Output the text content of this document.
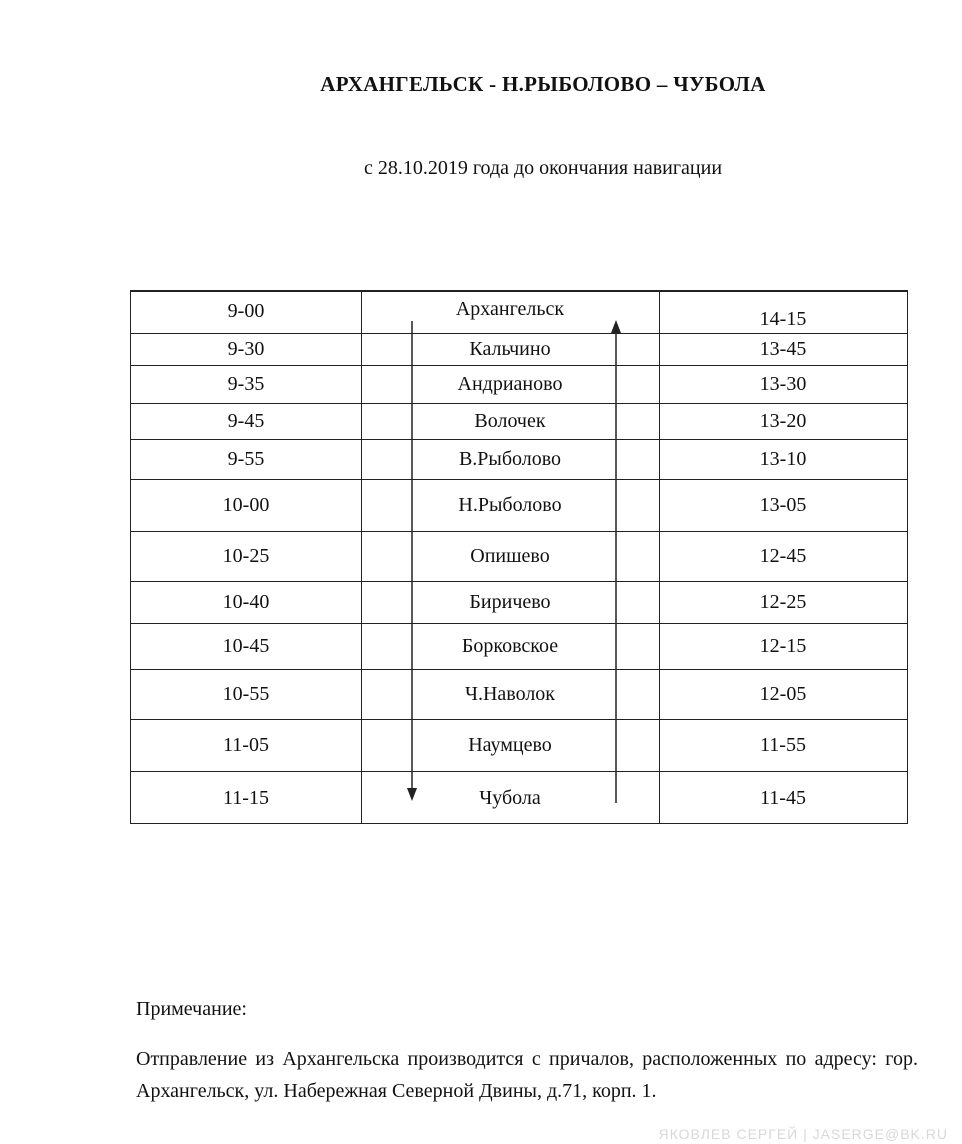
АРХАНГЕЛЬСК - Н.РЫБОЛОВО – ЧУБОЛА
с 28.10.2019 года до окончания навигации
9-00	Архангельск	14-15
9-30	Кальчино	13-45
9-35	Андрианово	13-30
9-45	Волочек	13-20
9-55	В.Рыболово	13-10
10-00	Н.Рыболово	13-05
10-25	Опишево	12-45
10-40	Биричево	12-25
10-45	Борковское	12-15
10-55	Ч.Наволок	12-05
11-05	Наумцево	11-55
11-15	Чубола	11-45
Примечание:
Отправление из Архангельска производится с причалов, расположенных по адресу: гор. Архангельск, ул. Набережная Северной Двины, д.71, корп. 1.
ЯКОВЛЕВ СЕРГЕЙ | JASERGE@BK.RU
